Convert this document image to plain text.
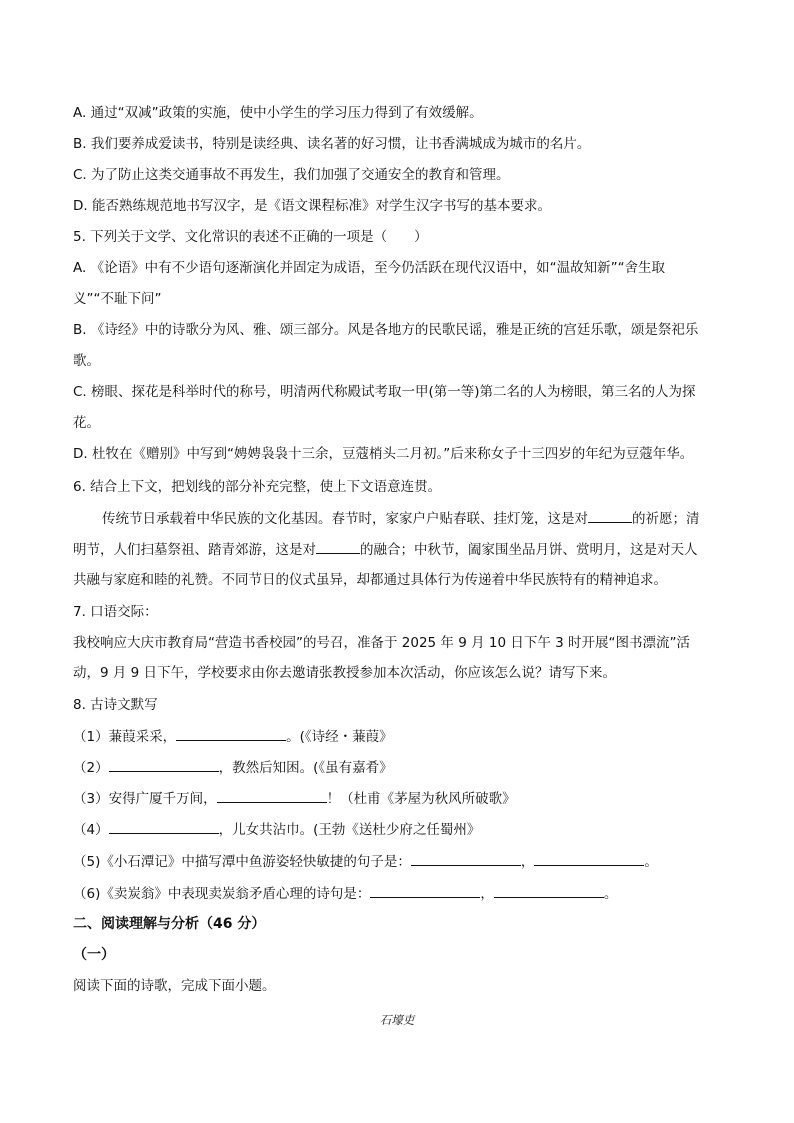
A. 通过“双减”政策的实施，使中小学生的学习压力得到了有效缓解。
B. 我们要养成爱读书，特别是读经典、读名著的好习惯，让书香满城成为城市的名片。
C. 为了防止这类交通事故不再发生，我们加强了交通安全的教育和管理。
D. 能否熟练规范地书写汉字，是《语文课程标准》对学生汉字书写的基本要求。
5. 下列关于文学、文化常识的表述不正确的一项是（　　）
A. 《论语》中有不少语句逐渐演化并固定为成语，至今仍活跃在现代汉语中，如“温故知新”“舍生取
义”“不耻下问”
B. 《诗经》中的诗歌分为风、雅、颂三部分。风是各地方的民歌民谣，雅是正统的宫廷乐歌，颂是祭祀乐
歌。
C. 榜眼、探花是科举时代的称号，明清两代称殿试考取一甲(第一等)第二名的人为榜眼，第三名的人为探
花。
D. 杜牧在《赠别》中写到“娉娉袅袅十三余，豆蔻梢头二月初。”后来称女子十三四岁的年纪为豆蔻年华。
6. 结合上下文，把划线的部分补充完整，使上下文语意连贯。
传统节日承载着中华民族的文化基因。春节时，家家户户贴春联、挂灯笼，这是对	的祈愿；清
明节，人们扫墓祭祖、踏青郊游，这是对	的融合；中秋节，阖家围坐品月饼、赏明月，这是对天人
共融与家庭和睦的礼赞。不同节日的仪式虽异，却都通过具体行为传递着中华民族特有的精神追求。
7. 口语交际：
我校响应大庆市教育局“营造书香校园”的号召，准备于 2025 年 9 月 10 日下午 3 时开展“图书漂流”活
动，9 月 9 日下午，学校要求由你去邀请张教授参加本次活动，你应该怎么说？请写下来。
8. 古诗文默写
（1）蒹葭采采，	。(《诗经・蒹葭》
（2）	，教然后知困。(《虽有嘉肴》
（3）安得广厦千万间，	！（杜甫《茅屋为秋风所破歌》
（4）	，儿女共沾巾。(王勃《送杜少府之任蜀州》
（5)《小石潭记》中描写潭中鱼游姿轻快敏捷的句子是：	，	。
（6)《卖炭翁》中表现卖炭翁矛盾心理的诗句是：	，	。
二、阅读理解与分析（46 分）
（一）
阅读下面的诗歌，完成下面小题。
石壕吏
